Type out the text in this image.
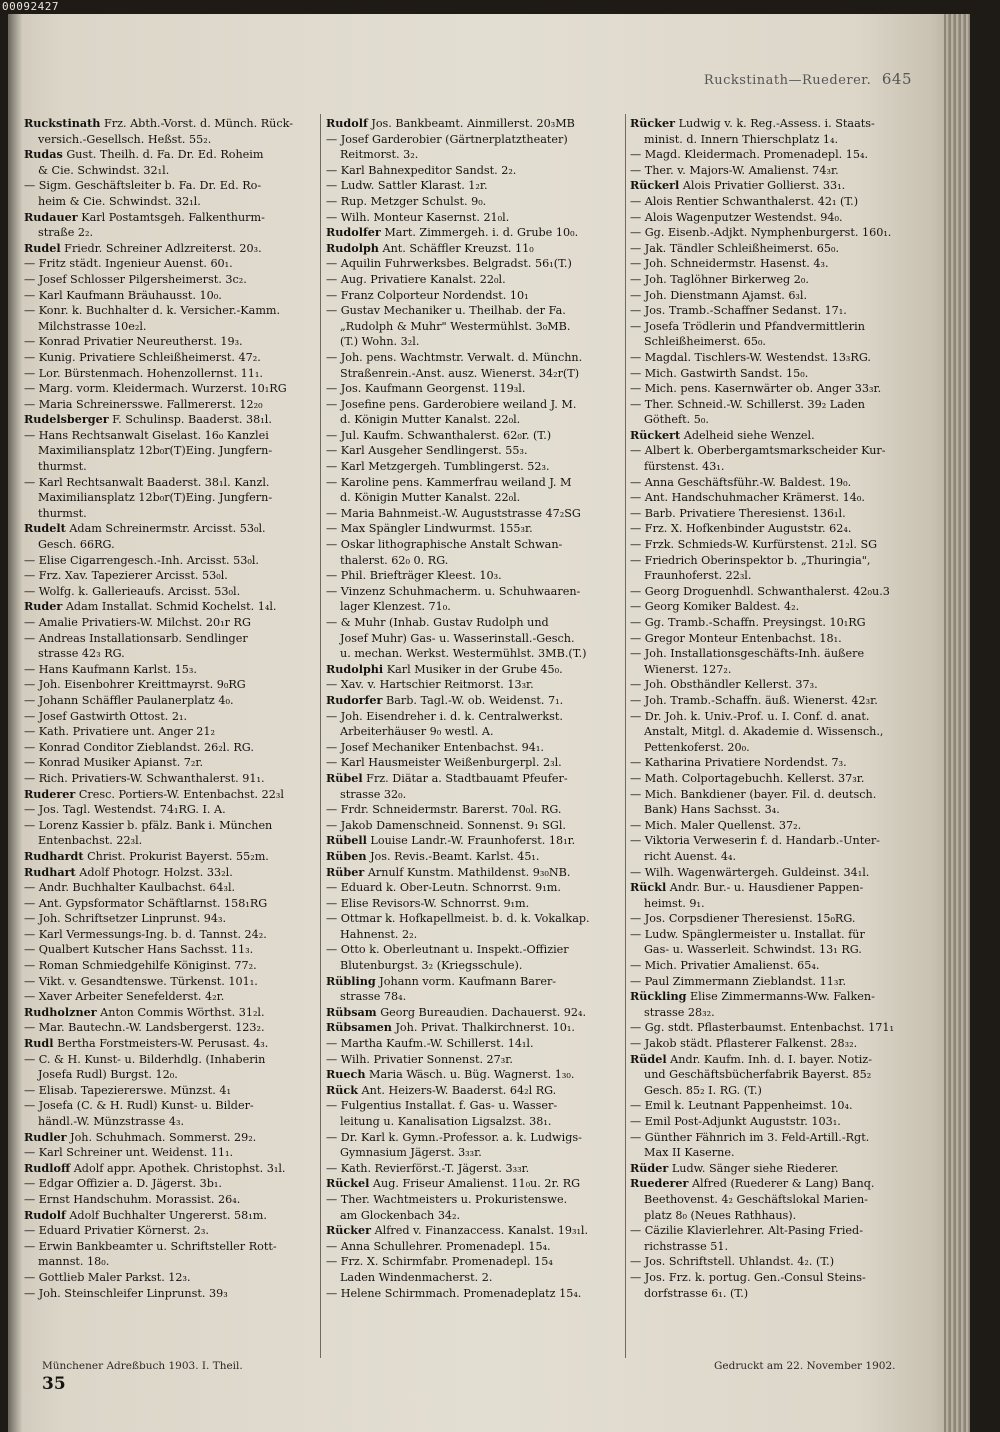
00092427
Ruckstinath—Ruederer. 645

Ruckstinath Frz. Abth.-Vorst. d. Münch. Rück-

versich.-Gesellsch. Heßst. 55₂.

Rudas Gust. Theilh. d. Fa. Dr. Ed. Roheim

& Cie. Schwindst. 32₁l.

— Sigm. Geschäftsleiter b. Fa. Dr. Ed. Ro-

heim & Cie. Schwindst. 32₁l.

Rudauer Karl Postamtsgeh. Falkenthurm-

straße 2₂.

Rudel Friedr. Schreiner Adlzreiterst. 20₃.

— Fritz städt. Ingenieur Auenst. 60₁.

— Josef Schlosser Pilgersheimerst. 3c₂.

— Karl Kaufmann Bräuhausst. 10₀.

— Konr. k. Buchhalter d. k. Versicher.-Kamm.

Milchstrasse 10e₂l.

— Konrad Privatier Neureutherst. 19₃.

— Kunig. Privatiere Schleißheimerst. 47₂.

— Lor. Bürstenmach. Hohenzollernst. 11₁.

— Marg. vorm. Kleidermach. Wurzerst. 10₁RG

— Maria Schreinersswe. Fallmererst. 12₂₀

Rudelsberger F. Schulinsp. Baaderst. 38₁l.

— Hans Rechtsanwalt Giselast. 16₀ Kanzlei

Maximiliansplatz 12b₀r(T)Eing. Jungfern-

thurmst.

— Karl Rechtsanwalt Baaderst. 38₁l. Kanzl.

Maximiliansplatz 12b₀r(T)Eing. Jungfern-

thurmst.

Rudelt Adam Schreinermstr. Arcisst. 53₀l.

Gesch. 66RG.

— Elise Cigarrengesch.-Inh. Arcisst. 53₀l.

— Frz. Xav. Tapezierer Arcisst. 53₀l.

— Wolfg. k. Gallerieaufs. Arcisst. 53₀l.

Ruder Adam Installat. Schmid Kochelst. 1₄l.

— Amalie Privatiers-W. Milchst. 20₁r RG

— Andreas Installationsarb. Sendlinger

strasse 42₃ RG.

— Hans Kaufmann Karlst. 15₃.

— Joh. Eisenbohrer Kreittmayrst. 9₀RG

— Johann Schäffler Paulanerplatz 4₀.

— Josef Gastwirth Ottost. 2₁.

— Kath. Privatiere unt. Anger 21₂

— Konrad Conditor Zieblandst. 26₂l. RG.

— Konrad Musiker Apianst. 7₂r.

— Rich. Privatiers-W. Schwanthalerst. 91₁.

Ruderer Cresc. Portiers-W. Entenbachst. 22₃l

— Jos. Tagl. Westendst. 74₁RG. I. A.

— Lorenz Kassier b. pfälz. Bank i. München

Entenbachst. 22₃l.

Rudhardt Christ. Prokurist Bayerst. 55₂m.

Rudhart Adolf Photogr. Holzst. 33₂l.

— Andr. Buchhalter Kaulbachst. 64₃l.

— Ant. Gypsformator Schäftlarnst. 158₁RG

— Joh. Schriftsetzer Linprunst. 94₃.

— Karl Vermessungs-Ing. b. d. Tannst. 24₂.

— Qualbert Kutscher Hans Sachsst. 11₃.

— Roman Schmiedgehilfe Königinst. 77₂.

— Vikt. v. Gesandtenswe. Türkenst. 101₁.

— Xaver Arbeiter Senefelderst. 4₂r.

Rudholzner Anton Commis Wörthst. 31₂l.

— Mar. Bautechn.-W. Landsbergerst. 123₂.

Rudl Bertha Forstmeisters-W. Perusast. 4₃.

— C. & H. Kunst- u. Bilderhdlg. (Inhaberin

Josefa Rudl) Burgst. 12₀.

— Elisab. Tapeziererswe. Münzst. 4₁

— Josefa (C. & H. Rudl) Kunst- u. Bilder-

händl.-W. Münzstrasse 4₃.

Rudler Joh. Schuhmach. Sommerst. 29₂.

— Karl Schreiner unt. Weidenst. 11₁.

Rudloff Adolf appr. Apothek. Christophst. 3₁l.

— Edgar Offizier a. D. Jägerst. 3b₁.

— Ernst Handschuhm. Morassist. 26₄.

Rudolf Adolf Buchhalter Ungererst. 58₁m.

— Eduard Privatier Körnerst. 2₃.

— Erwin Bankbeamter u. Schriftsteller Rott-

mannst. 18₀.

— Gottlieb Maler Parkst. 12₃.

— Joh. Steinschleifer Linprunst. 39₃

Rudolf Jos. Bankbeamt. Ainmillerst. 20₃MB

— Josef Garderobier (Gärtnerplatztheater)

Reitmorst. 3₂.

— Karl Bahnexpeditor Sandst. 2₂.

— Ludw. Sattler Klarast. 1₂r.

— Rup. Metzger Schulst. 9₀.

— Wilh. Monteur Kasernst. 21₀l.

Rudolfer Mart. Zimmergeh. i. d. Grube 10₀.

Rudolph Ant. Schäffler Kreuzst. 11₀

— Aquilin Fuhrwerksbes. Belgradst. 56₁(T.)

— Aug. Privatiere Kanalst. 22₀l.

— Franz Colporteur Nordendst. 10₁

— Gustav Mechaniker u. Theilhab. der Fa.

„Rudolph & Muhr" Westermühlst. 3₀MB.

(T.) Wohn. 3₂l.

— Joh. pens. Wachtmstr. Verwalt. d. Münchn.

Straßenrein.-Anst. ausz. Wienerst. 34₂r(T)

— Jos. Kaufmann Georgenst. 119₃l.

— Josefine pens. Garderobiere weiland J. M.

d. Königin Mutter Kanalst. 22₀l.

— Jul. Kaufm. Schwanthalerst. 62₀r. (T.)

— Karl Ausgeher Sendlingerst. 55₃.

— Karl Metzgergeh. Tumblingerst. 52₃.

— Karoline pens. Kammerfrau weiland J. M

d. Königin Mutter Kanalst. 22₀l.

— Maria Bahnmeist.-W. Auguststrasse 47₂SG

— Max Spängler Lindwurmst. 155₃r.

— Oskar lithographische Anstalt Schwan-

thalerst. 62₀ 0. RG.

— Phil. Briefträger Kleest. 10₃.

— Vinzenz Schuhmacherm. u. Schuhwaaren-

lager Klenzest. 71₀.

— & Muhr (Inhab. Gustav Rudolph und

Josef Muhr) Gas- u. Wasserinstall.-Gesch.

u. mechan. Werkst. Westermühlst. 3MB.(T.)

Rudolphi Karl Musiker in der Grube 45₀.

— Xav. v. Hartschier Reitmorst. 13₃r.

Rudorfer Barb. Tagl.-W. ob. Weidenst. 7₁.

— Joh. Eisendreher i. d. k. Centralwerkst.

Arbeiterhäuser 9₀ westl. A.

— Josef Mechaniker Entenbachst. 94₁.

— Karl Hausmeister Weißenburgerpl. 2₃l.

Rübel Frz. Diätar a. Stadtbauamt Pfeufer-

strasse 32₀.

— Frdr. Schneidermstr. Barerst. 70₀l. RG.

— Jakob Damenschneid. Sonnenst. 9₁ SGl.

Rübell Louise Landr.-W. Fraunhoferst. 18₁r.

Rüben Jos. Revis.-Beamt. Karlst. 45₁.

Rüber Arnulf Kunstm. Mathildenst. 9₃₀NB.

— Eduard k. Ober-Leutn. Schnorrst. 9₁m.

— Elise Revisors-W. Schnorrst. 9₁m.

— Ottmar k. Hofkapellmeist. b. d. k. Vokalkap.

Hahnenst. 2₂.

— Otto k. Oberleutnant u. Inspekt.-Offizier

Blutenburgst. 3₂ (Kriegsschule).

Rübling Johann vorm. Kaufmann Barer-

strasse 78₄.

Rübsam Georg Bureaudien. Dachauerst. 92₄.

Rübsamen Joh. Privat. Thalkirchnerst. 10₁.

— Martha Kaufm.-W. Schillerst. 14₁l.

— Wilh. Privatier Sonnenst. 27₃r.

Ruech Maria Wäsch. u. Büg. Wagnerst. 1₃₀.

Rück Ant. Heizers-W. Baaderst. 64₂l RG.

— Fulgentius Installat. f. Gas- u. Wasser-

leitung u. Kanalisation Ligsalzst. 38₁.

— Dr. Karl k. Gymn.-Professor. a. k. Ludwigs-

Gymnasium Jägerst. 3₃₃r.

— Kath. Revierförst.-T. Jägerst. 3₃₃r.

Rückel Aug. Friseur Amalienst. 11₀u. 2r. RG

— Ther. Wachtmeisters u. Prokuristenswe.

am Glockenbach 34₂.

Rücker Alfred v. Finanzaccess. Kanalst. 19₃₁l.

— Anna Schullehrer. Promenadepl. 15₄.

— Frz. X. Schirmfabr. Promenadepl. 15₄

Laden Windenmacherst. 2.

— Helene Schirmmach. Promenadeplatz 15₄.

Rücker Ludwig v. k. Reg.-Assess. i. Staats-

minist. d. Innern Thierschplatz 1₄.

— Magd. Kleidermach. Promenadepl. 15₄.

— Ther. v. Majors-W. Amalienst. 74₃r.

Rückerl Alois Privatier Gollierst. 33₁.

— Alois Rentier Schwanthalerst. 42₁ (T.)

— Alois Wagenputzer Westendst. 94₀.

— Gg. Eisenb.-Adjkt. Nymphenburgerst. 160₁.

— Jak. Tändler Schleißheimerst. 65₀.

— Joh. Schneidermstr. Hasenst. 4₃.

— Joh. Taglöhner Birkerweg 2₀.

— Joh. Dienstmann Ajamst. 6₃l.

— Jos. Tramb.-Schaffner Sedanst. 17₁.

— Josefa Trödlerin und Pfandvermittlerin

Schleißheimerst. 65₀.

— Magdal. Tischlers-W. Westendst. 13₃RG.

— Mich. Gastwirth Sandst. 15₀.

— Mich. pens. Kasernwärter ob. Anger 33₃r.

— Ther. Schneid.-W. Schillerst. 39₂ Laden

Götheft. 5₀.

Rückert Adelheid siehe Wenzel.

— Albert k. Oberbergamtsmarkscheider Kur-

fürstenst. 43₁.

— Anna Geschäftsführ.-W. Baldest. 19₀.

— Ant. Handschuhmacher Krämerst. 14₀.

— Barb. Privatiere Theresienst. 136₁l.

— Frz. X. Hofkenbinder Auguststr. 62₄.

— Frzk. Schmieds-W. Kurfürstenst. 21₂l. SG

— Friedrich Oberinspektor b. „Thuringia",

Fraunhoferst. 22₃l.

— Georg Droguenhdl. Schwanthalerst. 42₀u.3

— Georg Komiker Baldest. 4₂.

— Gg. Tramb.-Schaffn. Preysingst. 10₁RG

— Gregor Monteur Entenbachst. 18₁.

— Joh. Installationsgeschäfts-Inh. äußere

Wienerst. 127₂.

— Joh. Obsthändler Kellerst. 37₃.

— Joh. Tramb.-Schaffn. äuß. Wienerst. 42₃r.

— Dr. Joh. k. Univ.-Prof. u. I. Conf. d. anat.

Anstalt, Mitgl. d. Akademie d. Wissensch.,

Pettenkoferst. 20₀.

— Katharina Privatiere Nordendst. 7₃.

— Math. Colportagebuchh. Kellerst. 37₃r.

— Mich. Bankdiener (bayer. Fil. d. deutsch.

Bank) Hans Sachsst. 3₄.

— Mich. Maler Quellenst. 37₂.

— Viktoria Verweserin f. d. Handarb.-Unter-

richt Auenst. 4₄.

— Wilh. Wagenwärtergeh. Guldeinst. 34₁l.

Rückl Andr. Bur.- u. Hausdiener Pappen-

heimst. 9₁.

— Jos. Corpsdiener Theresienst. 15₀RG.

— Ludw. Spänglermeister u. Installat. für

Gas- u. Wasserleit. Schwindst. 13₁ RG.

— Mich. Privatier Amalienst. 65₄.

— Paul Zimmermann Zieblandst. 11₃r.

Rückling Elise Zimmermanns-Ww. Falken-

strasse 28₃₂.

— Gg. stdt. Pflasterbaumst. Entenbachst. 171₁

— Jakob städt. Pflasterer Falkenst. 28₃₂.

Rüdel Andr. Kaufm. Inh. d. I. bayer. Notiz-

und Geschäftsbücherfabrik Bayerst. 85₂

Gesch. 85₂ I. RG. (T.)

— Emil k. Leutnant Pappenheimst. 10₄.

— Emil Post-Adjunkt Auguststr. 103₁.

— Günther Fähnrich im 3. Feld-Artill.-Rgt.

Max II Kaserne.

Rüder Ludw. Sänger siehe Riederer.

Ruederer Alfred (Ruederer & Lang) Banq.

Beethovenst. 4₂ Geschäftslokal Marien-

platz 8₀ (Neues Rathhaus).

— Cäzilie Klavierlehrer. Alt-Pasing Fried-

richstrasse 51.

— Jos. Schriftstell. Uhlandst. 4₂. (T.)

— Jos. Frz. k. portug. Gen.-Consul Steins-

dorfstrasse 6₁. (T.)

Münchener Adreßbuch 1903. I. Theil.	Gedruckt am 22. November 1902.
35
